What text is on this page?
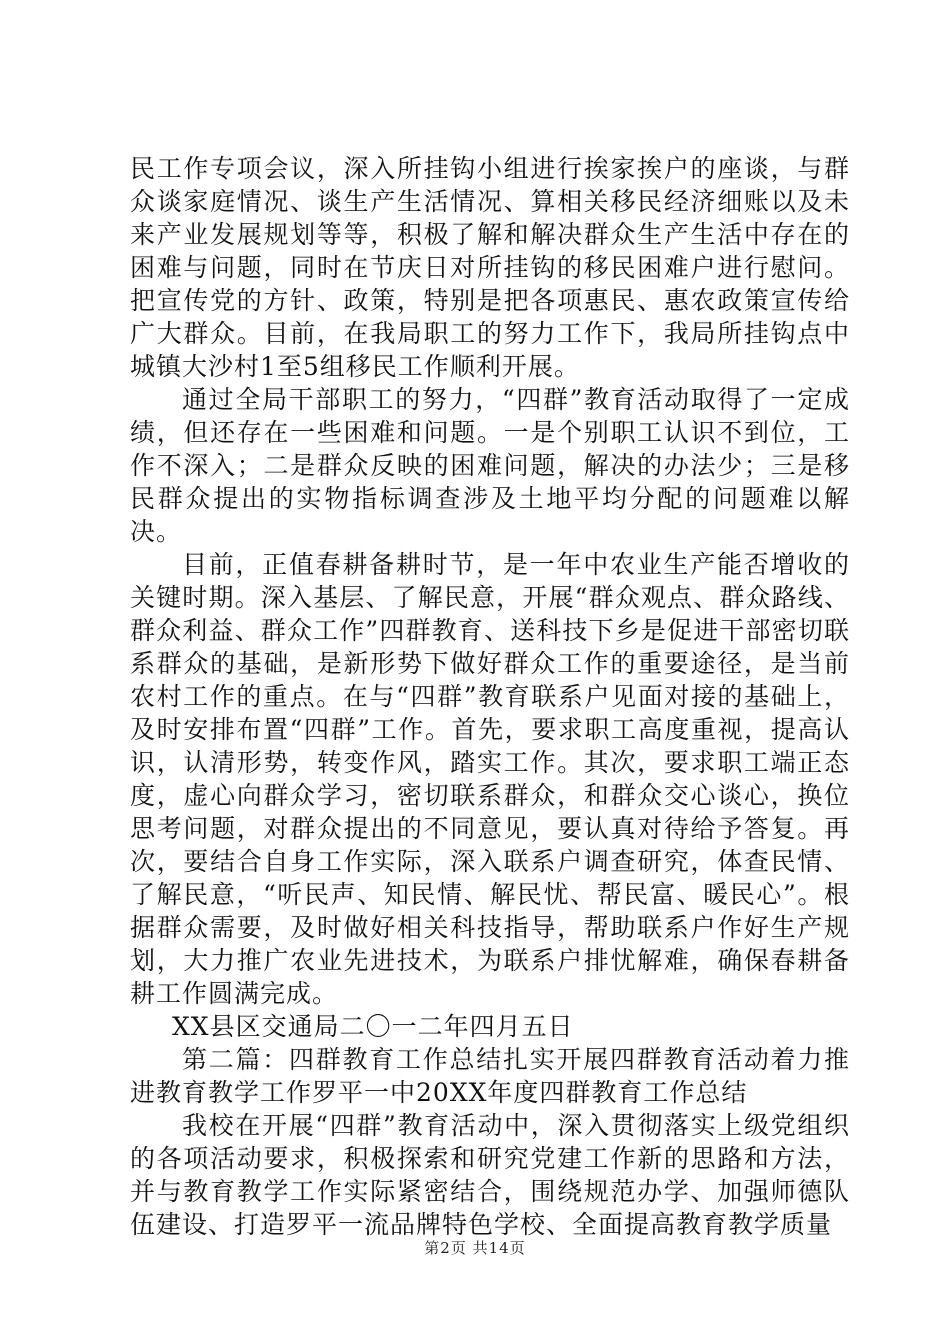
民工作专项会议，深入所挂钩小组进行挨家挨户的座谈，与群众谈家庭情况、谈生产生活情况、算相关移民经济细账以及未来产业发展规划等等，积极了解和解决群众生产生活中存在的困难与问题，同时在节庆日对所挂钩的移民困难户进行慰问。把宣传党的方针、政策，特别是把各项惠民、惠农政策宣传给广大群众。目前，在我局职工的努力工作下，我局所挂钩点中城镇大沙村1至5组移民工作顺利开展。

通过全局干部职工的努力，“四群”教育活动取得了一定成绩，但还存在一些困难和问题。一是个别职工认识不到位，工作不深入；二是群众反映的困难问题，解决的办法少；三是移民群众提出的实物指标调查涉及土地平均分配的问题难以解决。

目前，正值春耕备耕时节，是一年中农业生产能否增收的关键时期。深入基层、了解民意，开展“群众观点、群众路线、群众利益、群众工作”四群教育、送科技下乡是促进干部密切联系群众的基础，是新形势下做好群众工作的重要途径，是当前农村工作的重点。在与“四群”教育联系户见面对接的基础上，及时安排布置“四群”工作。首先，要求职工高度重视，提高认识，认清形势，转变作风，踏实工作。其次，要求职工端正态度，虚心向群众学习，密切联系群众，和群众交心谈心，换位思考问题，对群众提出的不同意见，要认真对待给予答复。再次，要结合自身工作实际，深入联系户调查研究，体查民情、了解民意，“听民声、知民情、解民忧、帮民富、暖民心”。根据群众需要，及时做好相关科技指导，帮助联系户作好生产规划，大力推广农业先进技术，为联系户排忧解难，确保春耕备耕工作圆满完成。

XX县区交通局二〇一二年四月五日

第二篇：四群教育工作总结扎实开展四群教育活动着力推进教育教学工作罗平一中20XX年度四群教育工作总结

我校在开展“四群”教育活动中，深入贯彻落实上级党组织的各项活动要求，积极探索和研究党建工作新的思路和方法，并与教育教学工作实际紧密结合，围绕规范办学、加强师德队伍建设、打造罗平一流品牌特色学校、全面提高教育教学质量

第2页 共14页
